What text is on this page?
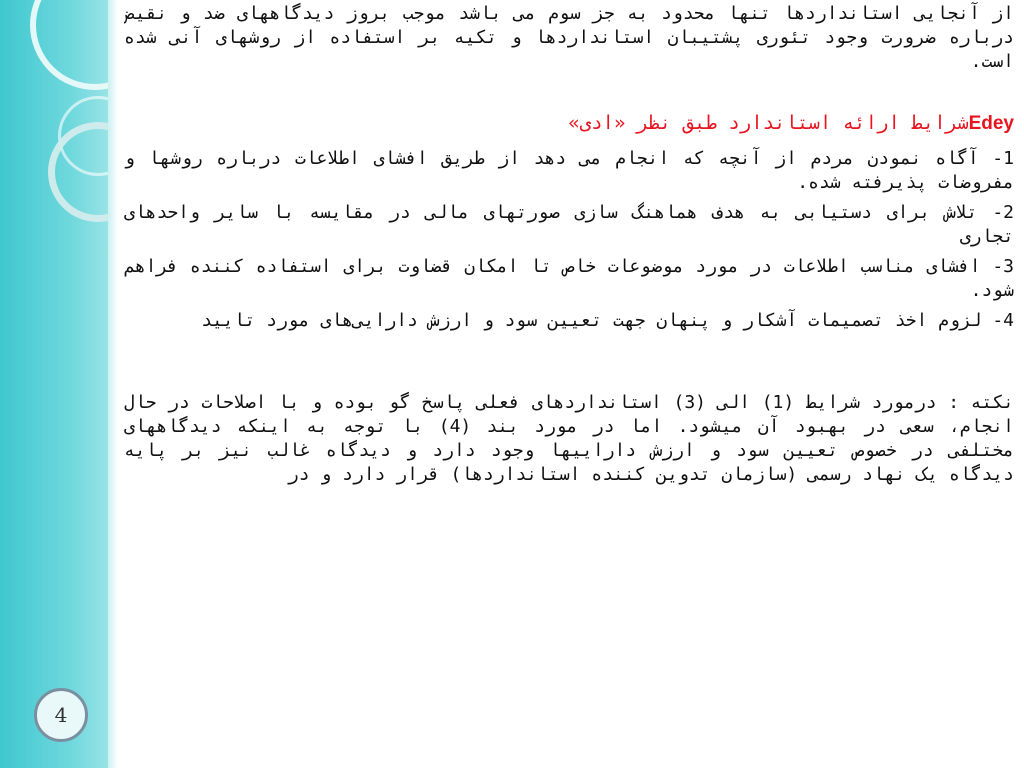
4

از آنجایی استانداردها تنها محدود به جز سوم می باشد موجب بروز دیدگاههای ضد و نقیض درباره ضرورت وجود تئوری پشتیبان استانداردها و تکیه بر استفاده از روشهای آنی شده است.

Edeyشرایط ارائه استاندارد طبق نظر «ادی»

1- آگاه نمودن مردم از آنچه که انجام می دهد از طریق افشای اطلاعات درباره روشها و مفروضات پذیرفته شده.

2- تلاش برای دستیابی به هدف هماهنگ سازی صورتهای مالی در مقایسه با سایر واحدهای تجاری

3- افشای مناسب اطلاعات در مورد موضوعات خاص تا امکان قضاوت برای استفاده کننده فراهم شود.

4- لزوم اخذ تصمیمات آشکار و پنهان جهت تعیین سود و ارزش دارایی‌های مورد تایید

نکته : درمورد شرایط (1) الی (3) استانداردهای فعلی پاسخ گو بوده و با اصلاحات در حال انجام، سعی در بهبود آن میشود. اما در مورد بند (4) با توجه به اینکه دیدگاههای مختلفی در خصوص تعیین سود و ارزش داراییها وجود دارد و دیدگاه غالب نیز بر پایه دیدگاه یک نهاد رسمی (سازمان تدوین کننده استانداردها) قرار دارد و در
